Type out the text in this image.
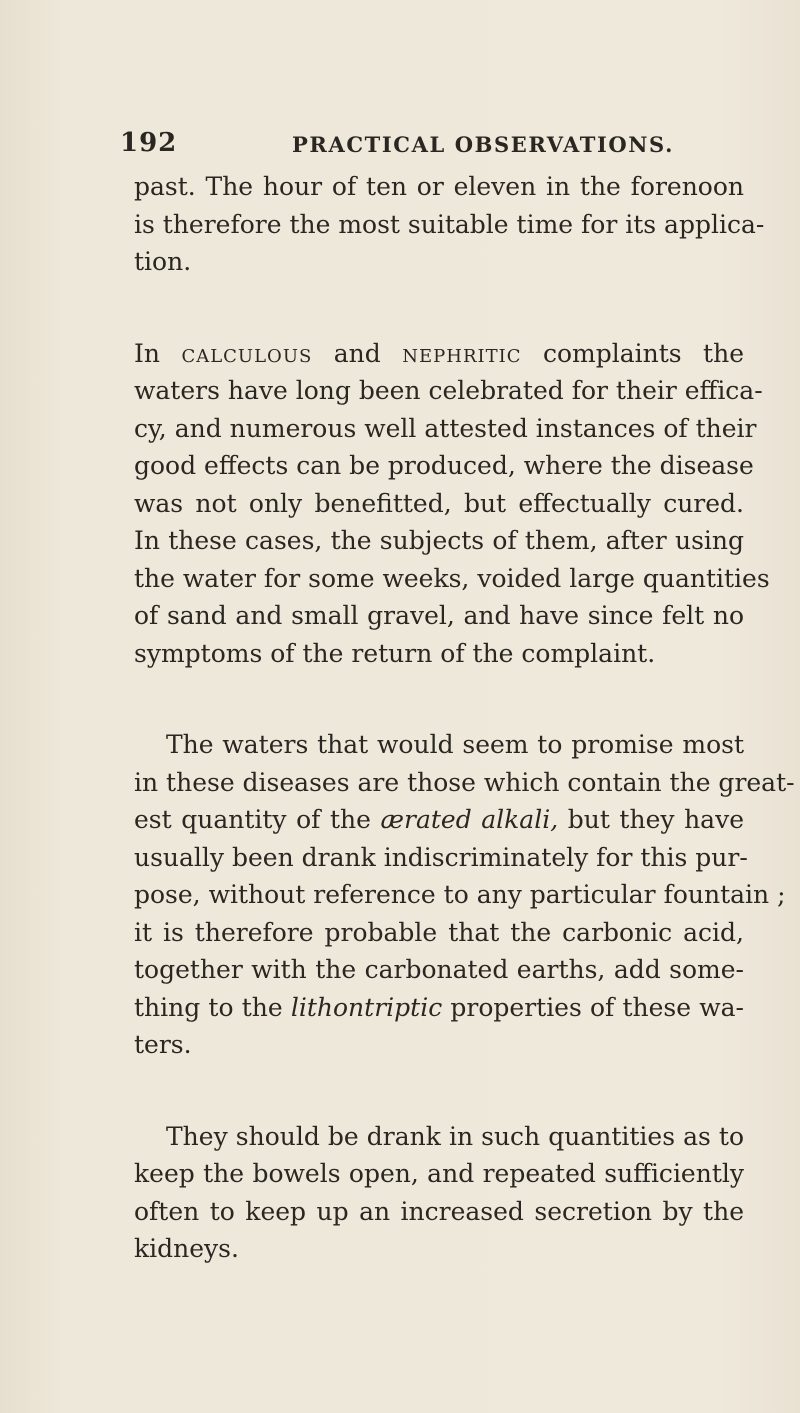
192	PRACTICAL OBSERVATIONS.
past. The hour of ten or eleven in the forenoon
is therefore the most suitable time for its applica-
tion.
In calculous and nephritic complaints the
waters have long been celebrated for their effica-
cy, and numerous well attested instances of their
good effects can be produced, where the disease
was not only benefitted, but effectually cured.
In these cases, the subjects of them, after using
the water for some weeks, voided large quantities
of sand and small gravel, and have since felt no
symptoms of the return of the complaint.
The waters that would seem to promise most
in these diseases are those which contain the great-
est quantity of the ærated alkali, but they have
usually been drank indiscriminately for this pur-
pose, without reference to any particular fountain ;
it is therefore probable that the carbonic acid,
together with the carbonated earths, add some-
thing to the lithontriptic properties of these wa-
ters.
They should be drank in such quantities as to
keep the bowels open, and repeated sufficiently
often to keep up an increased secretion by the
kidneys.
